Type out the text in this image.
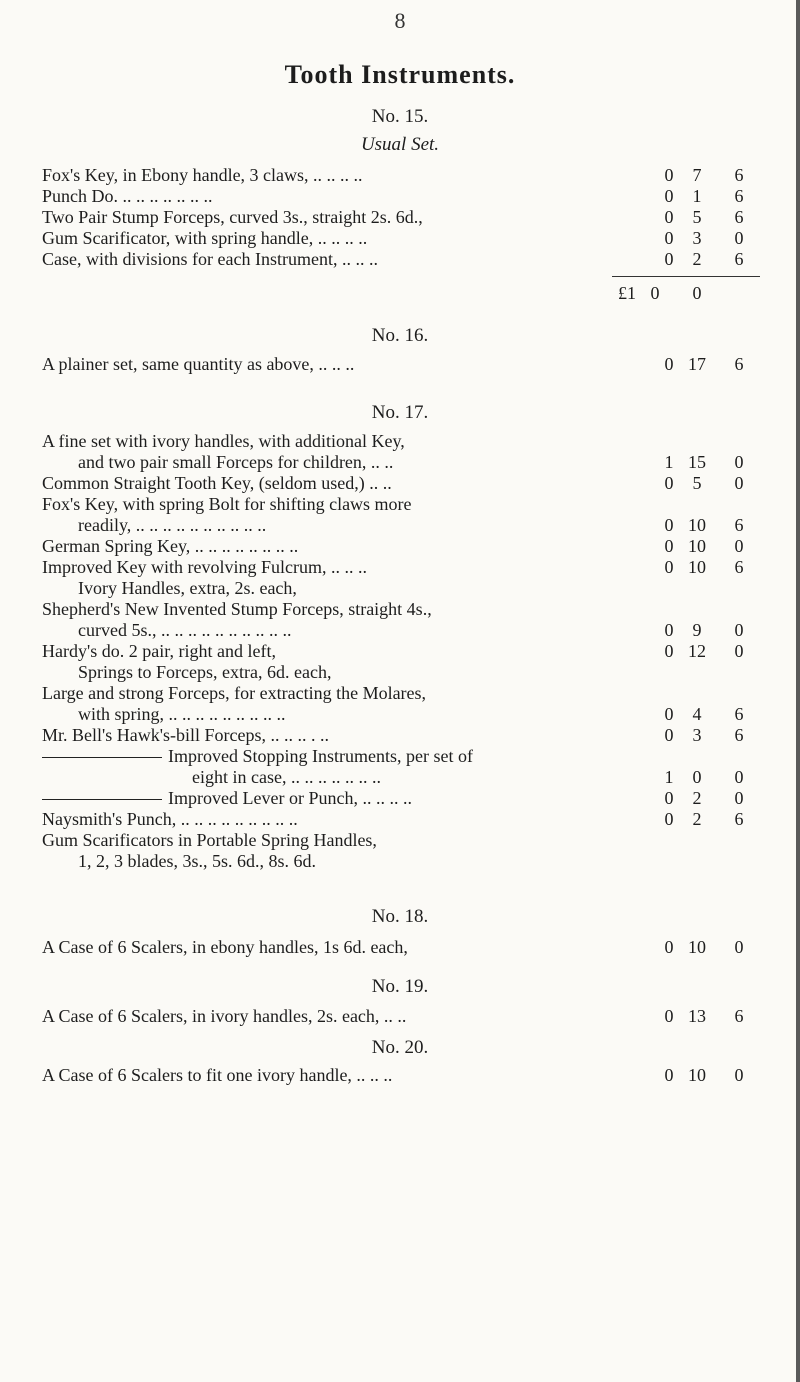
8
Tooth Instruments.
No. 15.
Usual Set.
Fox's Key, in Ebony handle, 3 claws, .. .. .. ..	0	7	6
Punch Do. .. .. .. .. .. .. ..	0	1	6
Two Pair Stump Forceps, curved 3s., straight 2s. 6d.,	0	5	6
Gum Scarificator, with spring handle, .. .. .. ..	0	3	0
Case, with divisions for each Instrument, .. .. ..	0	2	6
£1 0	0
No. 16.
A plainer set, same quantity as above, .. .. ..	0 17	6
No. 17.
A fine set with ivory handles, with additional Key,
and two pair small Forceps for children, .. ..	1 15	0
Common Straight Tooth Key, (seldom used,) .. ..	0	5	0
Fox's Key, with spring Bolt for shifting claws more
readily, .. .. .. .. .. .. .. .. .. ..	0 10	6
German Spring Key, .. .. .. .. .. .. .. ..	0 10	0
Improved Key with revolving Fulcrum, .. .. ..	0 10	6
Ivory Handles, extra, 2s. each,
Shepherd's New Invented Stump Forceps, straight 4s.,
curved 5s., .. .. .. .. .. .. .. .. .. ..	0	9	0
Hardy's do. 2 pair, right and left,	0 12	0
Springs to Forceps, extra, 6d. each,
Large and strong Forceps, for extracting the Molares,
with spring, .. .. .. .. .. .. .. .. ..	0	4	6
Mr. Bell's Hawk's-bill Forceps, .. .. .. . ..	0	3	6
Improved Stopping Instruments, per set of
eight in case, .. .. .. .. .. .. ..	1	0	0
Improved Lever or Punch, .. .. .. ..	0	2	0
Naysmith's Punch, .. .. .. .. .. .. .. .. ..	0	2	6
Gum Scarificators in Portable Spring Handles,
1, 2, 3 blades, 3s., 5s. 6d., 8s. 6d.
No. 18.
A Case of 6 Scalers, in ebony handles, 1s 6d. each,	0 10	0
No. 19.
A Case of 6 Scalers, in ivory handles, 2s. each, .. ..	0 13	6
No. 20.
A Case of 6 Scalers to fit one ivory handle, .. .. ..	0 10	0
